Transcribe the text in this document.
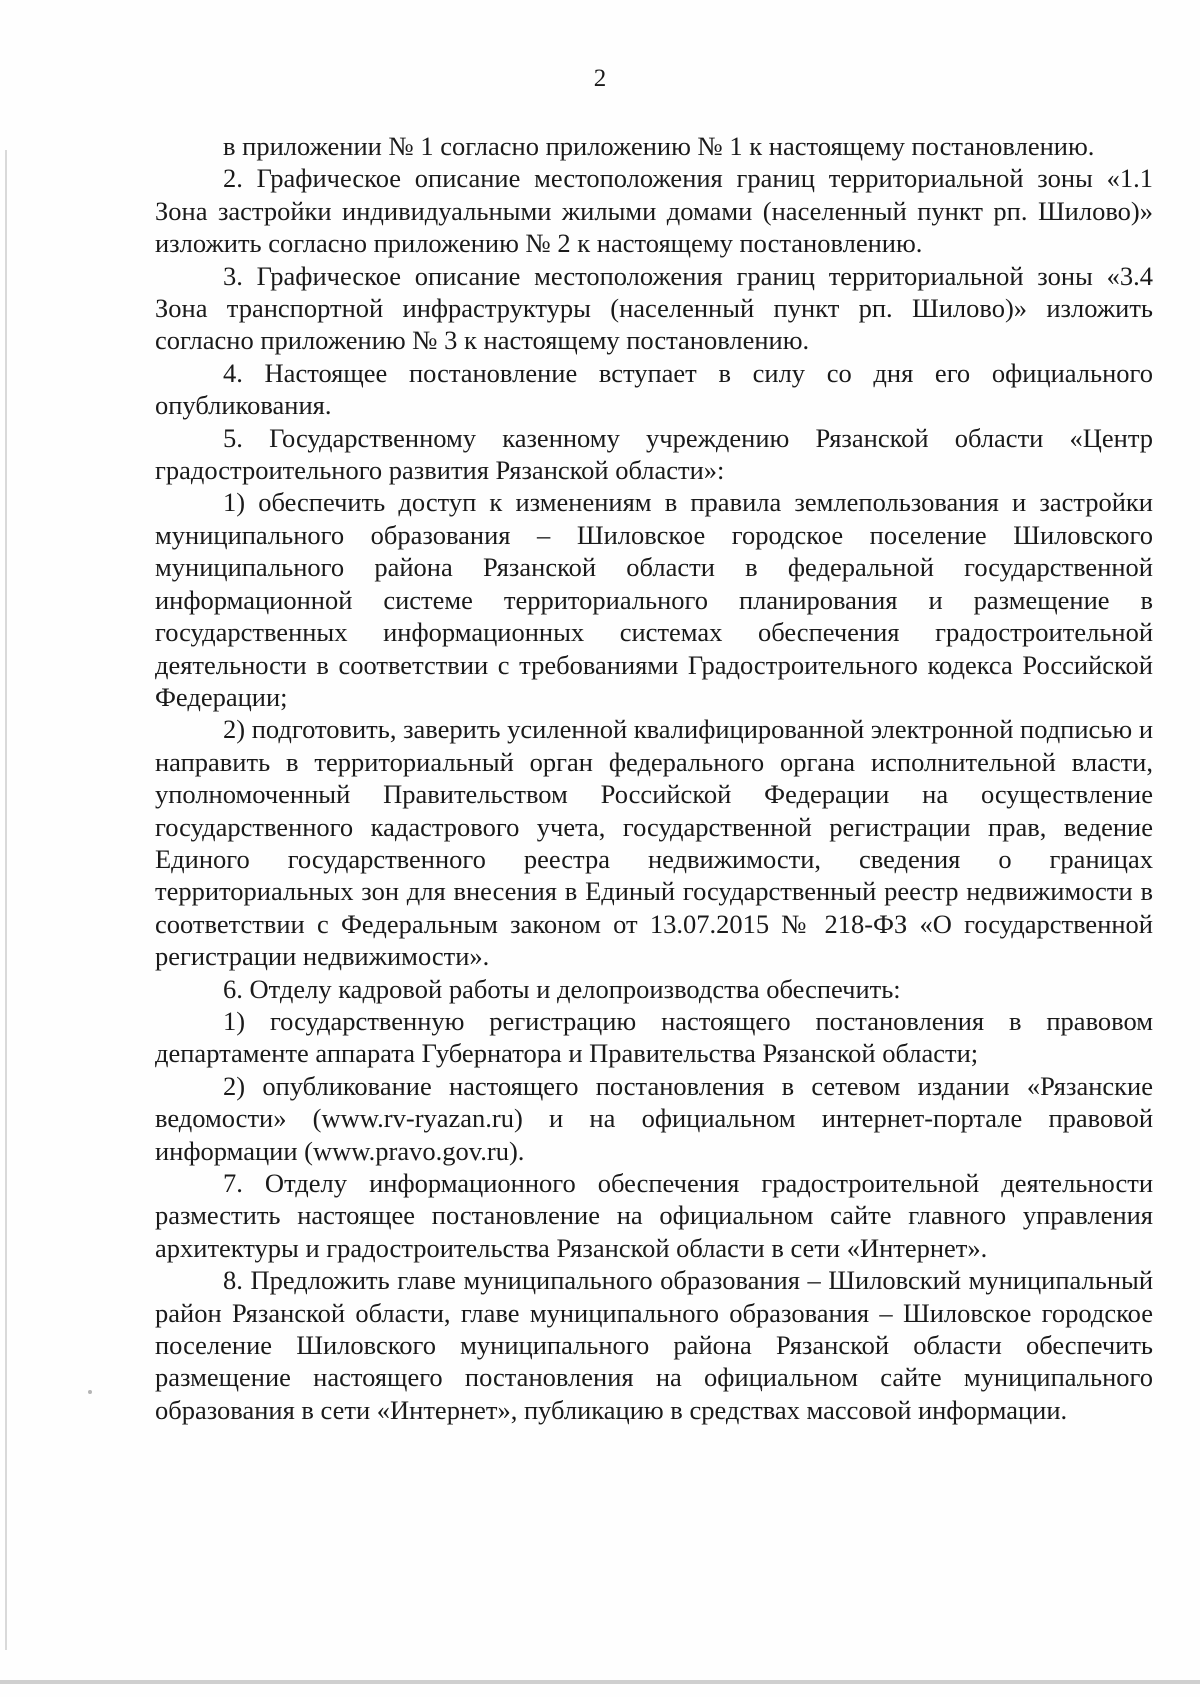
2

в приложении № 1 согласно приложению № 1 к настоящему постановлению.

2. Графическое описание местоположения границ территориальной зоны «1.1 Зона застройки индивидуальными жилыми домами (населенный пункт рп. Шилово)» изложить согласно приложению № 2 к настоящему постановлению.

3. Графическое описание местоположения границ территориальной зоны «3.4 Зона транспортной инфраструктуры (населенный пункт рп. Шилово)» изложить согласно приложению № 3 к настоящему постановлению.

4. Настоящее постановление вступает в силу со дня его официального опубликования.

5. Государственному казенному учреждению Рязанской области «Центр градостроительного развития Рязанской области»:

1) обеспечить доступ к изменениям в правила землепользования и застройки муниципального образования – Шиловское городское поселение Шиловского муниципального района Рязанской области в федеральной государственной информационной системе территориального планирования и размещение в государственных информационных системах обеспечения градостроительной деятельности в соответствии с требованиями Градостроительного кодекса Российской Федерации;

2) подготовить, заверить усиленной квалифицированной электронной подписью и направить в территориальный орган федерального органа исполнительной власти, уполномоченный Правительством Российской Федерации на осуществление государственного кадастрового учета, государственной регистрации прав, ведение Единого государственного реестра недвижимости, сведения о границах территориальных зон для внесения в Единый государственный реестр недвижимости в соответствии с Федеральным законом от 13.07.2015 № 218-ФЗ «О государственной регистрации недвижимости».

6. Отделу кадровой работы и делопроизводства обеспечить:

1) государственную регистрацию настоящего постановления в правовом департаменте аппарата Губернатора и Правительства Рязанской области;

2) опубликование настоящего постановления в сетевом издании «Рязанские ведомости» (www.rv-ryazan.ru) и на официальном интернет-портале правовой информации (www.pravo.gov.ru).

7. Отделу информационного обеспечения градостроительной деятельности разместить настоящее постановление на официальном сайте главного управления архитектуры и градостроительства Рязанской области в сети «Интернет».

8. Предложить главе муниципального образования – Шиловский муниципальный район Рязанской области, главе муниципального образования – Шиловское городское поселение Шиловского муниципального района Рязанской области обеспечить размещение настоящего постановления на официальном сайте муниципального образования в сети «Интернет», публикацию в средствах массовой информации.
